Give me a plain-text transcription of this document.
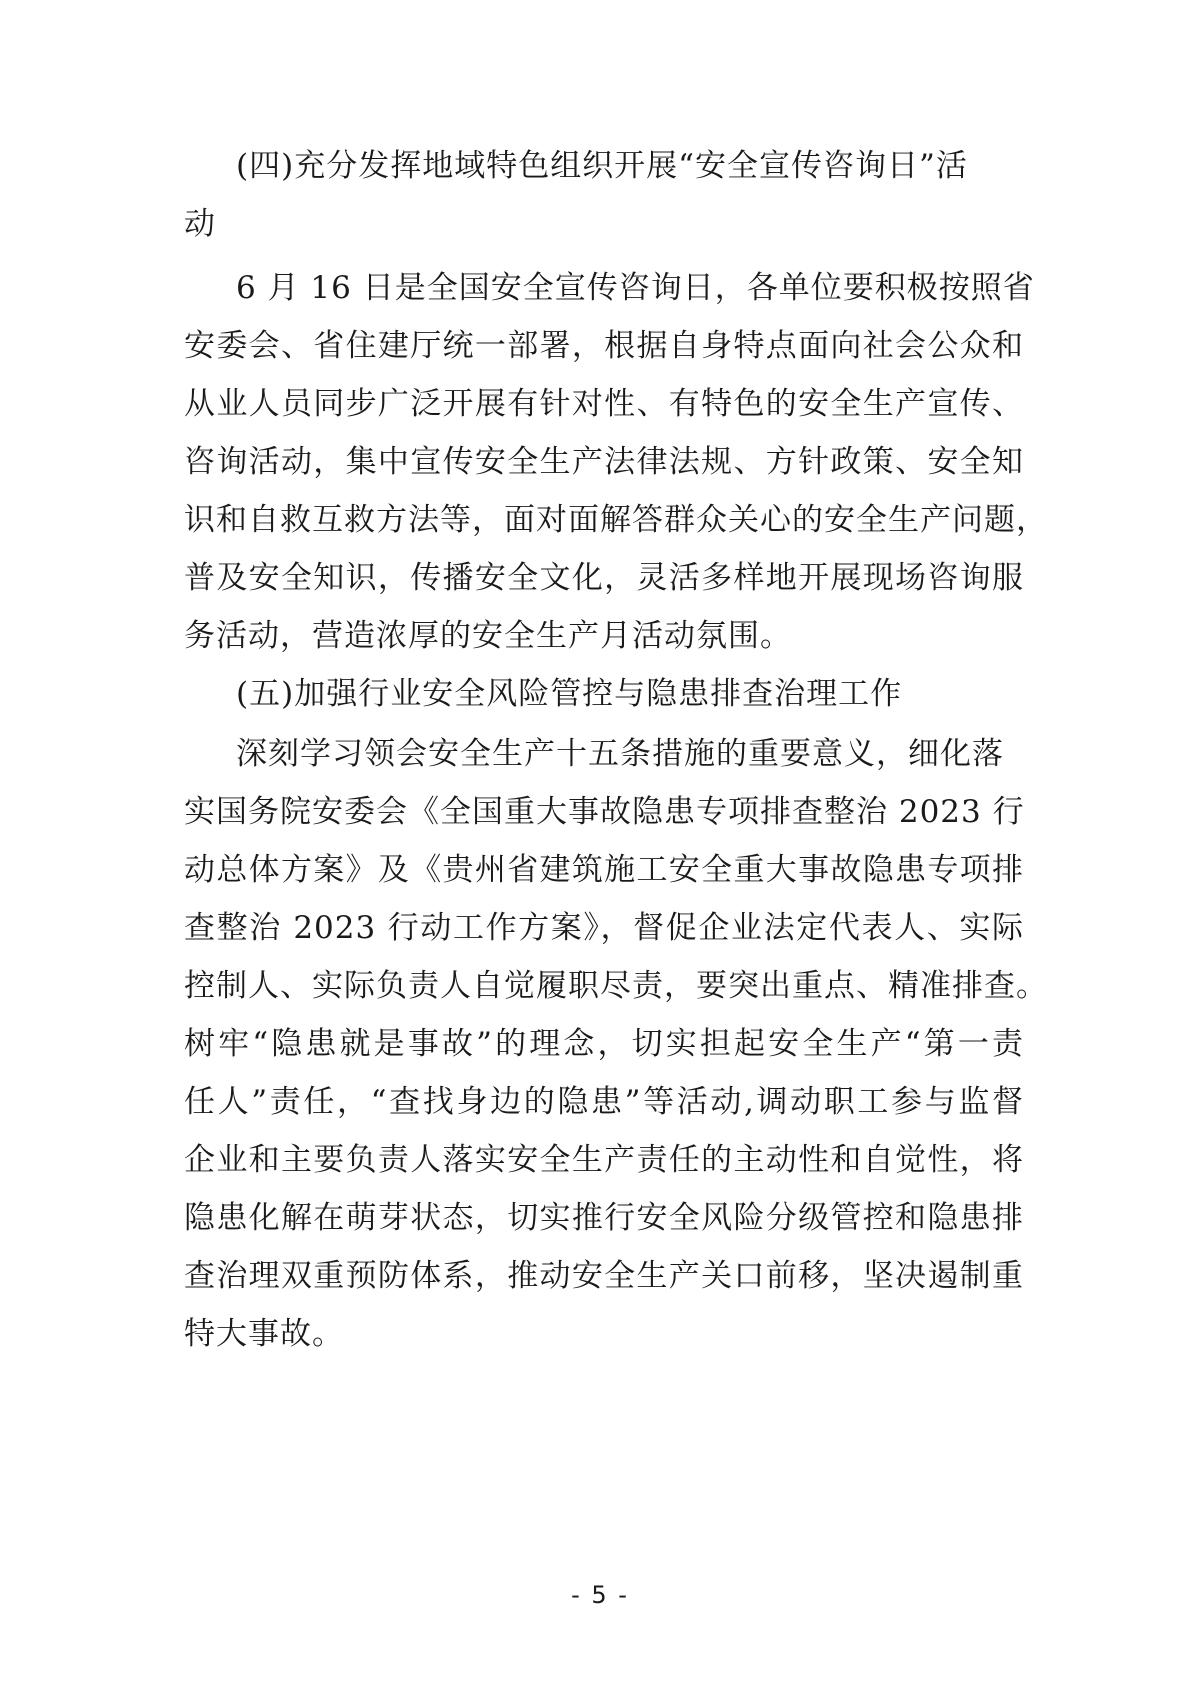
(四)充分发挥地域特色组织开展“安全宣传咨询日”活
动
6 月 16 日是全国安全宣传咨询日，各单位要积极按照省
安委会、省住建厅统一部署，根据自身特点面向社会公众和
从业人员同步广泛开展有针对性、有特色的安全生产宣传、
咨询活动，集中宣传安全生产法律法规、方针政策、安全知
识和自救互救方法等，面对面解答群众关心的安全生产问题，
普及安全知识，传播安全文化，灵活多样地开展现场咨询服
务活动，营造浓厚的安全生产月活动氛围。
(五)加强行业安全风险管控与隐患排查治理工作
深刻学习领会安全生产十五条措施的重要意义，细化落
实国务院安委会《全国重大事故隐患专项排查整治 2023 行
动总体方案》及《贵州省建筑施工安全重大事故隐患专项排
查整治 2023 行动工作方案》，督促企业法定代表人、实际
控制人、实际负责人自觉履职尽责，要突出重点、精准排查。
树牢“隐患就是事故”的理念，切实担起安全生产“第一责
任人”责任，“查找身边的隐患”等活动,调动职工参与监督
企业和主要负责人落实安全生产责任的主动性和自觉性，将
隐患化解在萌芽状态，切实推行安全风险分级管控和隐患排
查治理双重预防体系，推动安全生产关口前移，坚决遏制重
特大事故。
- 5 -
